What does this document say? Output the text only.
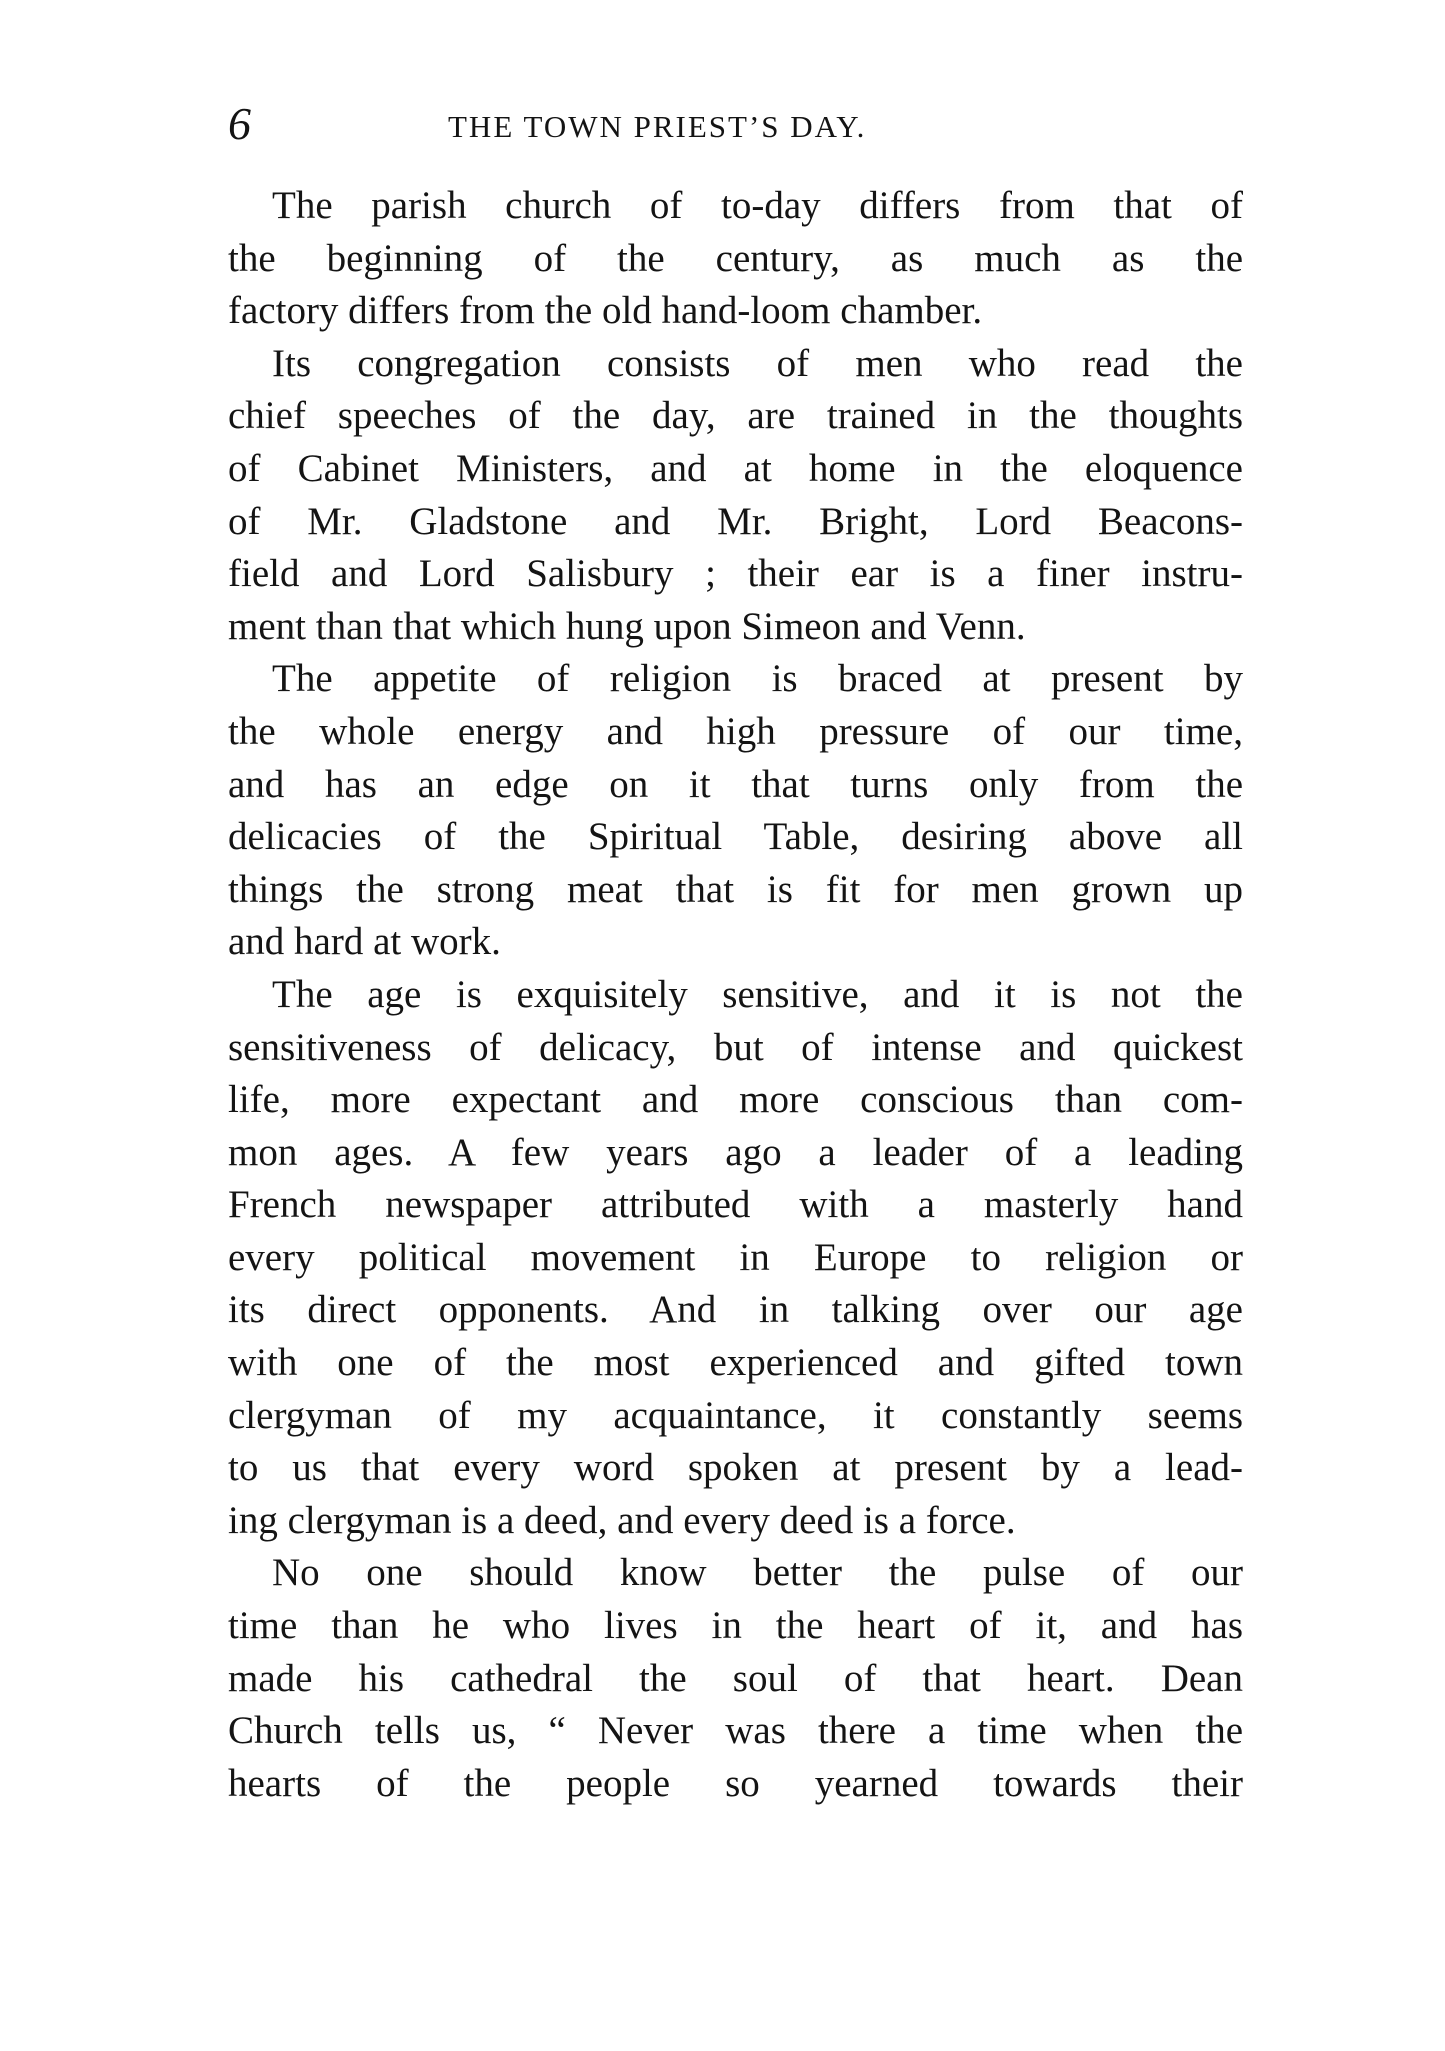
6	THE TOWN PRIEST’S DAY.
The parish church of to-day differs from that of
the beginning of the century, as much as the
factory differs from the old hand-loom chamber.
Its congregation consists of men who read the
chief speeches of the day, are trained in the thoughts
of Cabinet Ministers, and at home in the eloquence
of Mr. Gladstone and Mr. Bright, Lord Beacons-
field and Lord Salisbury ; their ear is a finer instru-
ment than that which hung upon Simeon and Venn.
The appetite of religion is braced at present by
the whole energy and high pressure of our time,
and has an edge on it that turns only from the
delicacies of the Spiritual Table, desiring above all
things the strong meat that is fit for men grown up
and hard at work.
The age is exquisitely sensitive, and it is not the
sensitiveness of delicacy, but of intense and quickest
life, more expectant and more conscious than com-
mon ages. A few years ago a leader of a leading
French newspaper attributed with a masterly hand
every political movement in Europe to religion or
its direct opponents. And in talking over our age
with one of the most experienced and gifted town
clergyman of my acquaintance, it constantly seems
to us that every word spoken at present by a lead-
ing clergyman is a deed, and every deed is a force.
No one should know better the pulse of our
time than he who lives in the heart of it, and has
made his cathedral the soul of that heart. Dean
Church tells us, “ Never was there a time when the
hearts of the people so yearned towards their
